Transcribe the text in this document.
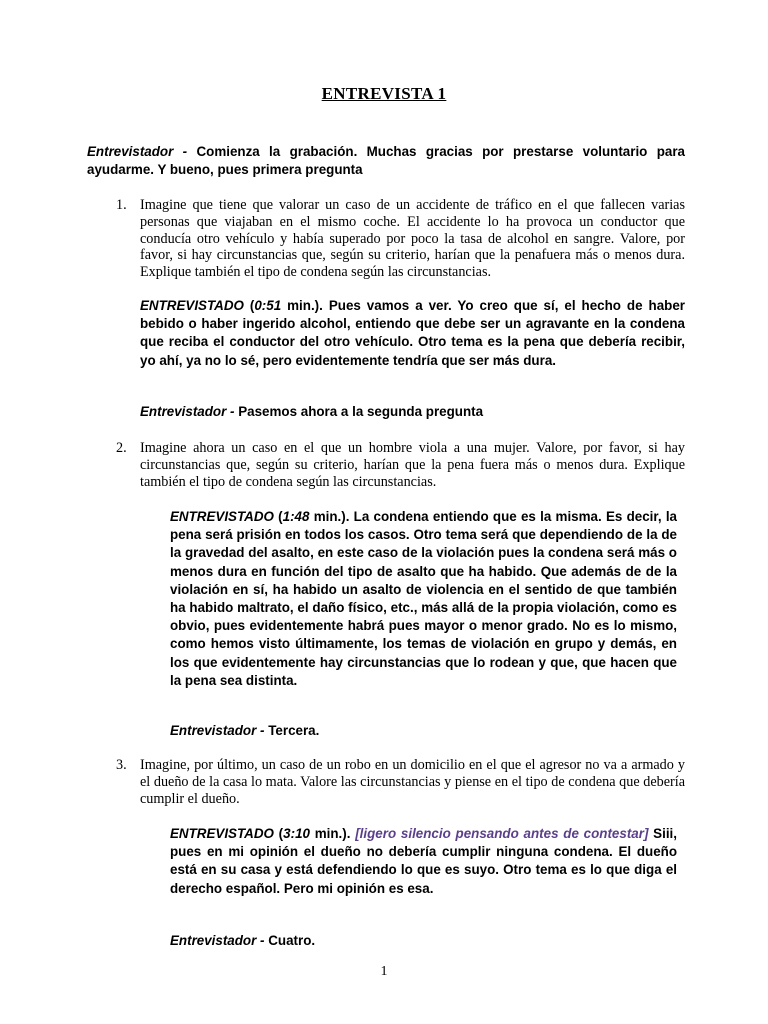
ENTREVISTA 1
Entrevistador - Comienza la grabación. Muchas gracias por prestarse voluntario para ayudarme. Y bueno, pues primera pregunta
1. Imagine que tiene que valorar un caso de un accidente de tráfico en el que fallecen varias personas que viajaban en el mismo coche. El accidente lo ha provoca un conductor que conducía otro vehículo y había superado por poco la tasa de alcohol en sangre. Valore, por favor, si hay circunstancias que, según su criterio, harían que la penafuera más o menos dura. Explique también el tipo de condena según las circunstancias.
ENTREVISTADO (0:51 min.). Pues vamos a ver. Yo creo que sí, el hecho de haber bebido o haber ingerido alcohol, entiendo que debe ser un agravante en la condena que reciba el conductor del otro vehículo. Otro tema es la pena que debería recibir, yo ahí, ya no lo sé, pero evidentemente tendría que ser más dura.
Entrevistador - Pasemos ahora a la segunda pregunta
2. Imagine ahora un caso en el que un hombre viola a una mujer. Valore, por favor, si hay circunstancias que, según su criterio, harían que la pena fuera más o menos dura. Explique también el tipo de condena según las circunstancias.
ENTREVISTADO (1:48 min.). La condena entiendo que es la misma. Es decir, la pena será prisión en todos los casos. Otro tema será que dependiendo de la de la gravedad del asalto, en este caso de la violación pues la condena será más o menos dura en función del tipo de asalto que ha habido. Que además de de la violación en sí, ha habido un asalto de violencia en el sentido de que también ha habido maltrato, el daño físico, etc., más allá de la propia violación, como es obvio, pues evidentemente habrá pues mayor o menor grado. No es lo mismo, como hemos visto últimamente, los temas de violación en grupo y demás, en los que evidentemente hay circunstancias que lo rodean y que, que hacen que la pena sea distinta.
Entrevistador - Tercera.
3. Imagine, por último, un caso de un robo en un domicilio en el que el agresor no va a armado y el dueño de la casa lo mata. Valore las circunstancias y piense en el tipo de condena que debería cumplir el dueño.
ENTREVISTADO (3:10 min.). [ligero silencio pensando antes de contestar] Siii, pues en mi opinión el dueño no debería cumplir ninguna condena. El dueño está en su casa y está defendiendo lo que es suyo. Otro tema es lo que diga el derecho español. Pero mi opinión es esa.
Entrevistador - Cuatro.
1
